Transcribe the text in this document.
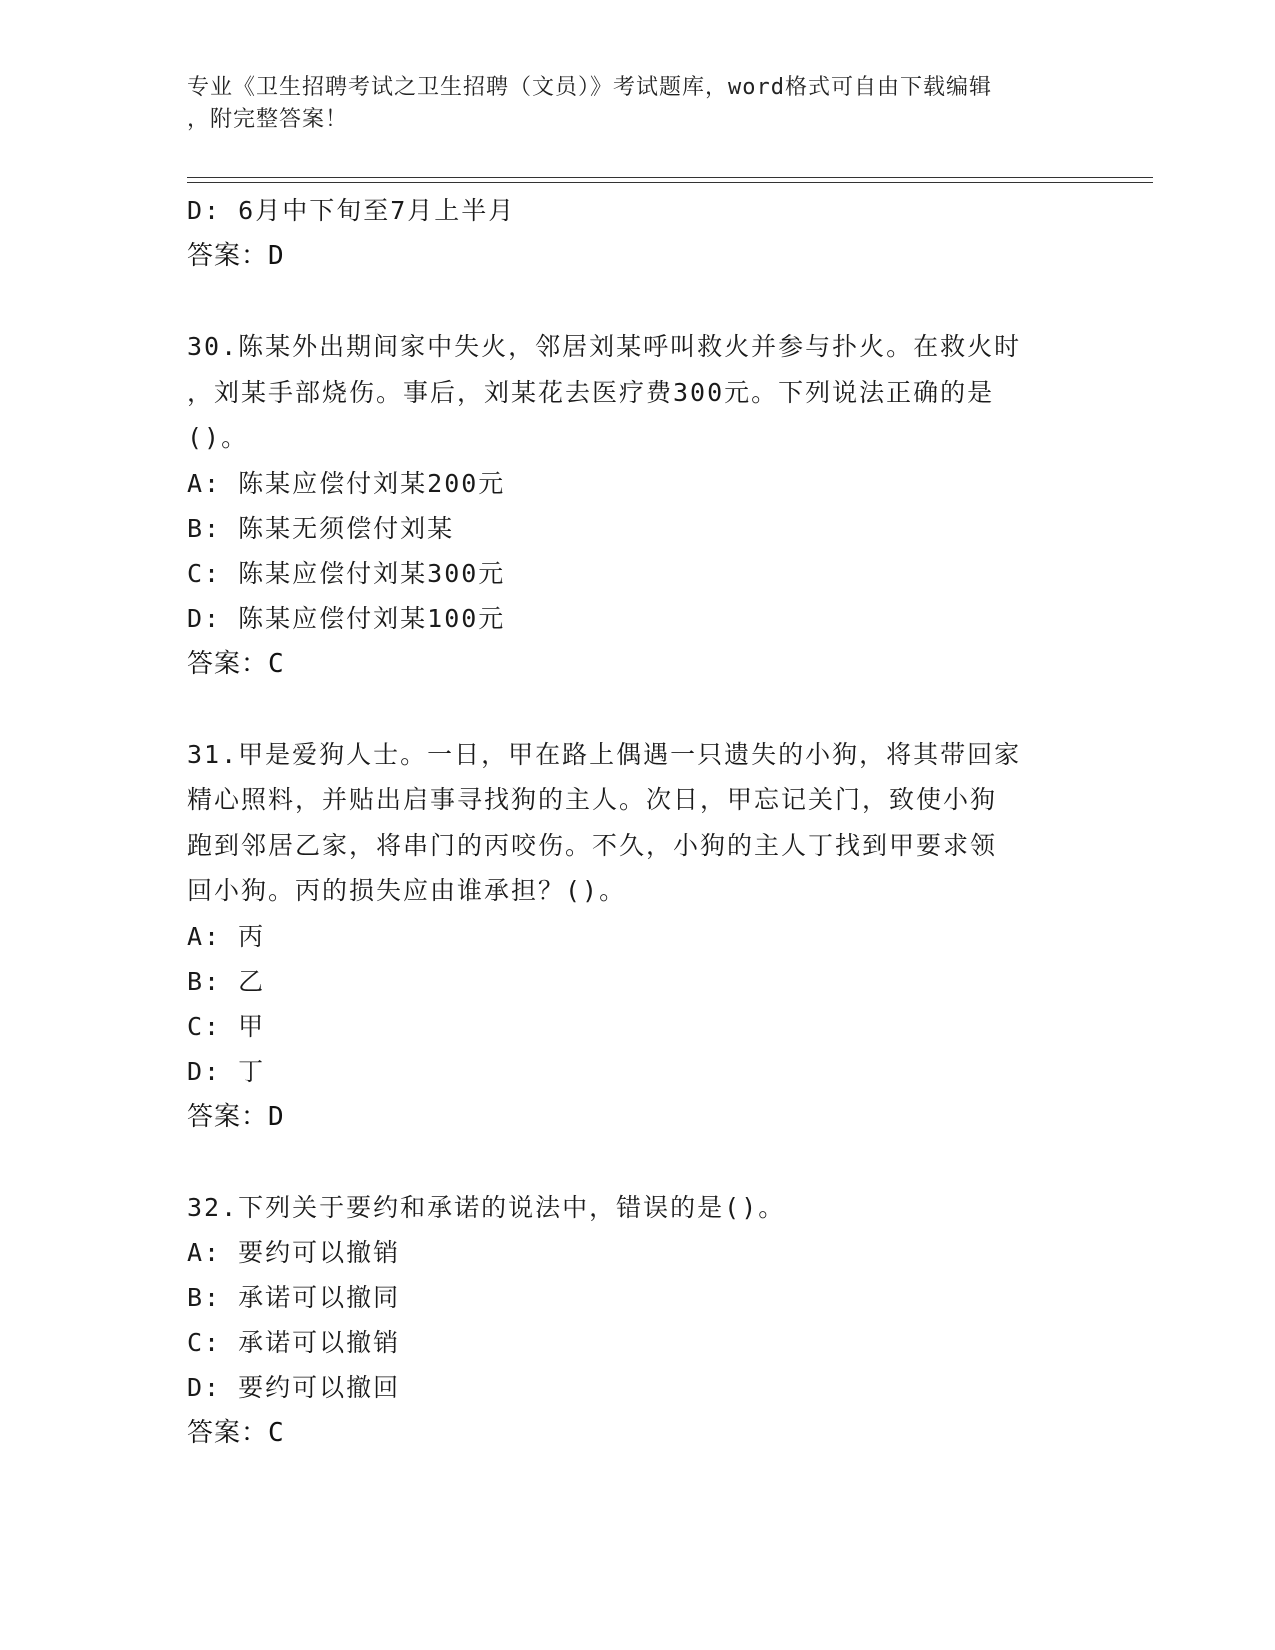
专业《卫生招聘考试之卫生招聘（文员）》考试题库，word格式可自由下载编辑
，附完整答案！
D: 6月中下旬至7月上半月
答案：D
30.陈某外出期间家中失火，邻居刘某呼叫救火并参与扑火。在救火时
，刘某手部烧伤。事后，刘某花去医疗费300元。下列说法正确的是
()。
A: 陈某应偿付刘某200元
B: 陈某无须偿付刘某
C: 陈某应偿付刘某300元
D: 陈某应偿付刘某100元
答案：C
31.甲是爱狗人士。一日，甲在路上偶遇一只遗失的小狗，将其带回家
精心照料，并贴出启事寻找狗的主人。次日，甲忘记关门，致使小狗
跑到邻居乙家，将串门的丙咬伤。不久，小狗的主人丁找到甲要求领
回小狗。丙的损失应由谁承担？()。
A: 丙
B: 乙
C: 甲
D: 丁
答案：D
32.下列关于要约和承诺的说法中，错误的是()。
A: 要约可以撤销
B: 承诺可以撤同
C: 承诺可以撤销
D: 要约可以撤回
答案：C
